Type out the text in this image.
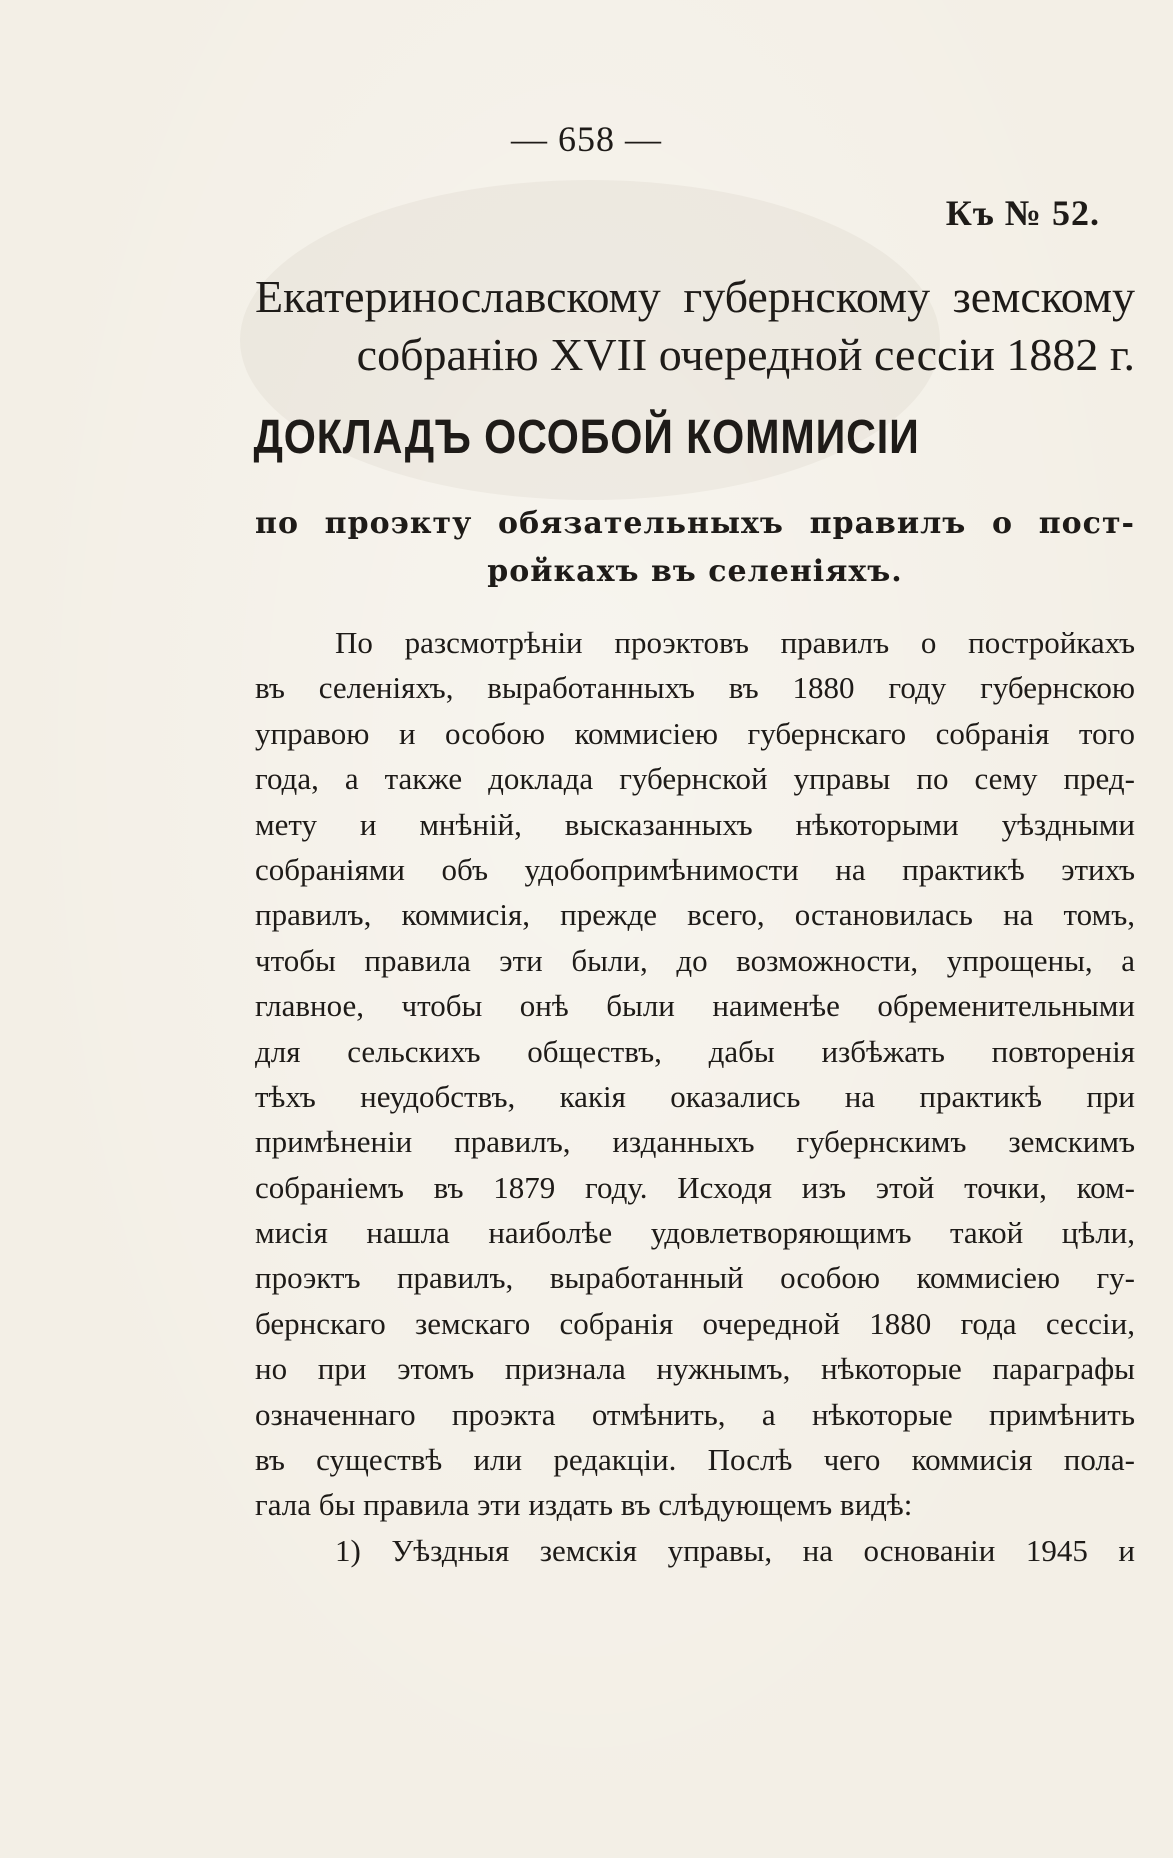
— 658 —
Къ № 52.
Екатеринославскому губернскому земскому
собранію XVII очередной сессіи 1882 г.
ДОКЛАДЪ ОСОБОЙ КОММИСІИ
по проэкту обязательныхъ правилъ о пост-
ройкахъ въ селеніяхъ.
По разсмотрѣніи проэктовъ правилъ о постройкахъ
въ селеніяхъ, выработанныхъ въ 1880 году губернскою
управою и особою коммисіею губернскаго собранія того
года, а также доклада губернской управы по сему пред-
мету и мнѣній, высказанныхъ нѣкоторыми уѣздными
собраніями объ удобопримѣнимости на практикѣ этихъ
правилъ, коммисія, прежде всего, остановилась на томъ,
чтобы правила эти были, до возможности, упрощены, а
главное, чтобы онѣ были наименѣе обременительными
для сельскихъ обществъ, дабы избѣжать повторенія
тѣхъ неудобствъ, какія оказались на практикѣ при
примѣненіи правилъ, изданныхъ губернскимъ земскимъ
собраніемъ въ 1879 году. Исходя изъ этой точки, ком-
мисія нашла наиболѣе удовлетворяющимъ такой цѣли,
проэктъ правилъ, выработанный особою коммисіею гу-
бернскаго земскаго собранія очередной 1880 года сессіи,
но при этомъ признала нужнымъ, нѣкоторые параграфы
означеннаго проэкта отмѣнить, а нѣкоторые примѣнить
въ существѣ или редакціи. Послѣ чего коммисія пола-
гала бы правила эти издать въ слѣдующемъ видѣ:
1) Уѣздныя земскія управы, на основаніи 1945 и
